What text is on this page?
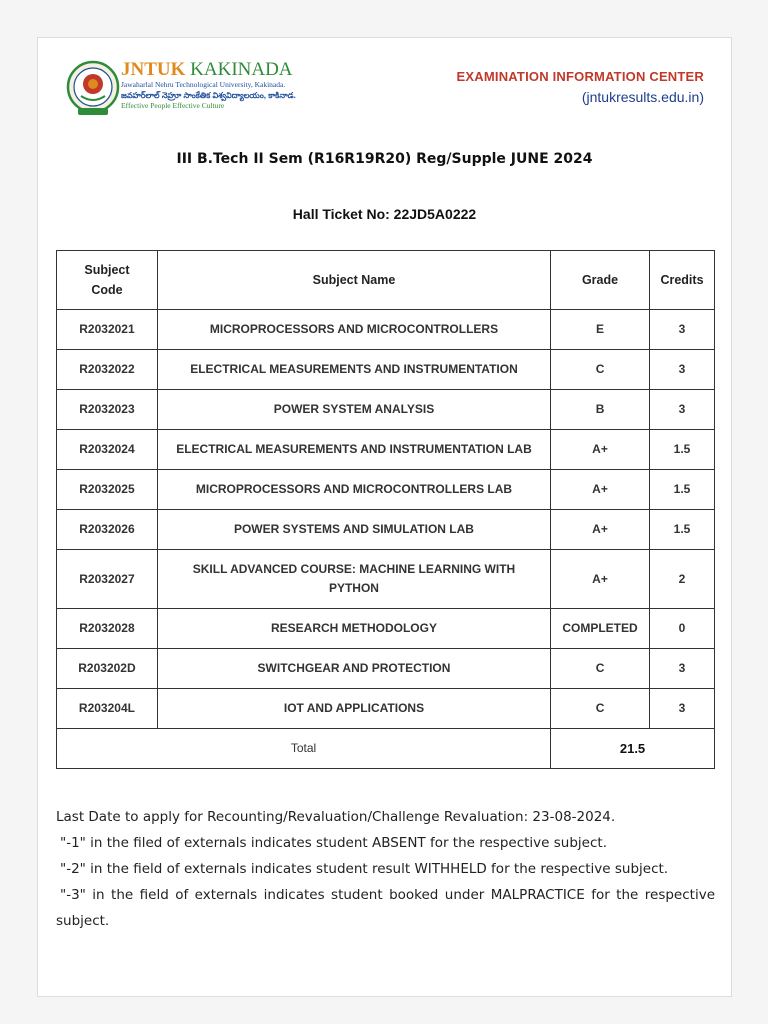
JNTUK KAKINADA
Jawaharlal Nehru Technological University, Kakinada.
జవహర్‌లాల్ నెహ్రూ సాంకేతిక విశ్వవిద్యాలయం, కాకినాడ.
Effective People Effective Culture
EXAMINATION INFORMATION CENTER
(jntukresults.edu.in)
III B.Tech II Sem (R16R19R20) Reg/Supple JUNE 2024
Hall Ticket No: 22JD5A0222
Subject Code	Subject Name	Grade	Credits
R2032021	MICROPROCESSORS AND MICROCONTROLLERS	E	3
R2032022	ELECTRICAL MEASUREMENTS AND INSTRUMENTATION	C	3
R2032023	POWER SYSTEM ANALYSIS	B	3
R2032024	ELECTRICAL MEASUREMENTS AND INSTRUMENTATION LAB	A+	1.5
R2032025	MICROPROCESSORS AND MICROCONTROLLERS LAB	A+	1.5
R2032026	POWER SYSTEMS AND SIMULATION LAB	A+	1.5
R2032027	SKILL ADVANCED COURSE: MACHINE LEARNING WITH PYTHON	A+	2
R2032028	RESEARCH METHODOLOGY	COMPLETED	0
R203202D	SWITCHGEAR AND PROTECTION	C	3
R203204L	IOT AND APPLICATIONS	C	3
Total		21.5	

Last Date to apply for Recounting/Revaluation/Challenge Revaluation: 23-08-2024.

"-1" in the filed of externals indicates student ABSENT for the respective subject.

"-2" in the field of externals indicates student result WITHHELD for the respective subject.

"-3" in the field of externals indicates student booked under MALPRACTICE for the respective subject.
